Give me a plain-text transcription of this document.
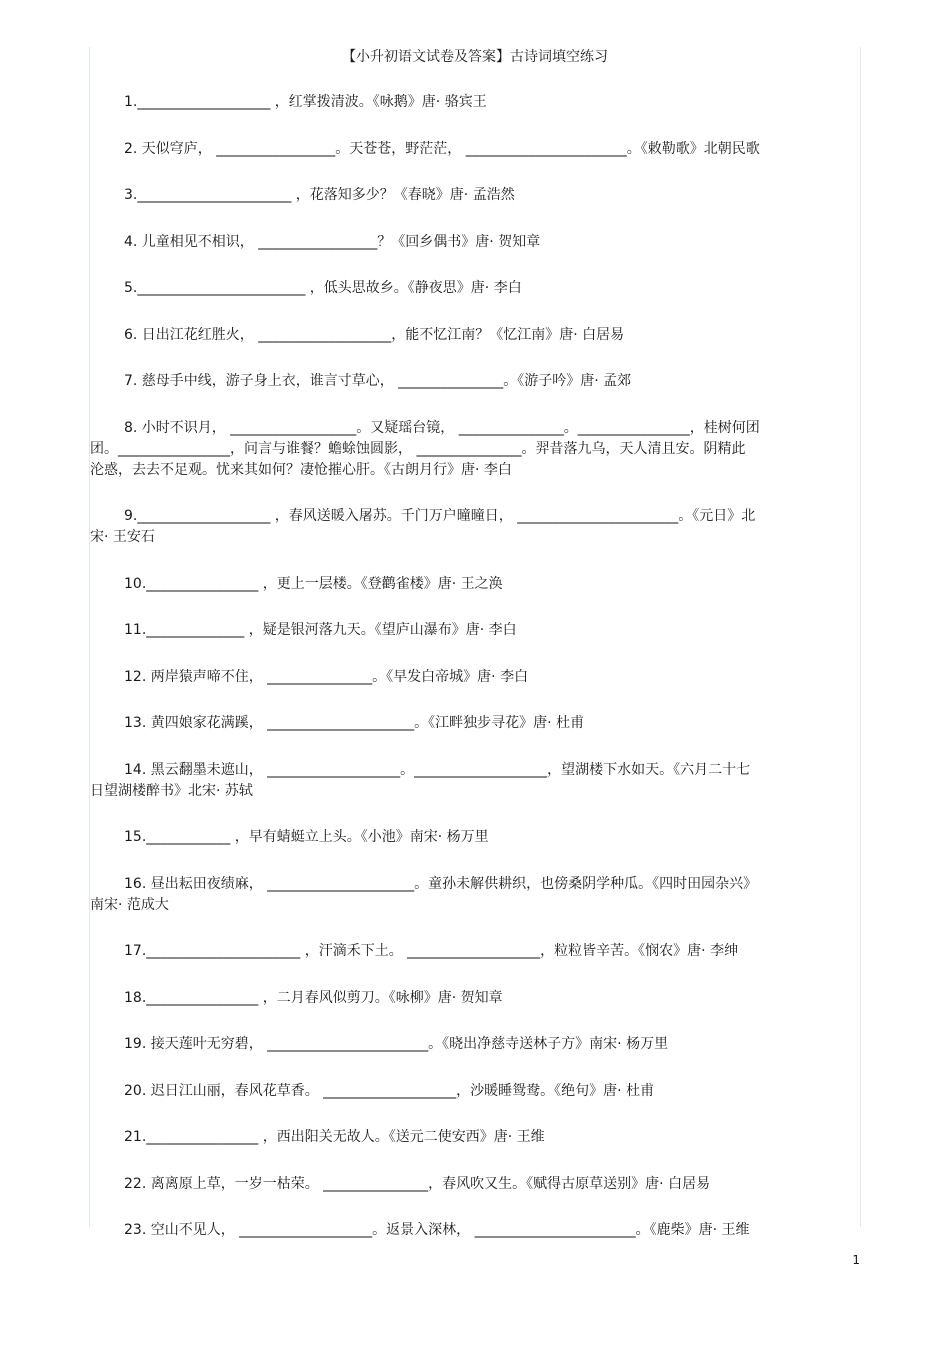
【小升初语文试卷及答案】古诗词填空练习

1.___________________ ，红掌拨清波。《咏鹅》唐· 骆宾王

2. 天似穹庐， _________________。天苍苍，野茫茫， _______________________。《敕勒歌》北朝民歌

3.______________________ ，花落知多少？《春晓》唐· 孟浩然

4. 儿童相见不相识， _________________？《回乡偶书》唐· 贺知章

5.________________________ ，低头思故乡。《静夜思》唐· 李白

6. 日出江花红胜火， ___________________，能不忆江南？《忆江南》唐· 白居易

7. 慈母手中线，游子身上衣，谁言寸草心， _______________。《游子吟》唐· 孟郊

8. 小时不识月， __________________。又疑瑶台镜， _______________。________________，桂树何团

团。________________，问言与谁餐？蟾蜍蚀圆影， _______________。羿昔落九乌，天人清且安。阴精此

沦惑，去去不足观。忧来其如何？凄怆摧心肝。《古朗月行》唐· 李白

9.___________________ ，春风送暖入屠苏。千门万户曈曈日， _______________________。《元日》北

宋· 王安石

10.________________ ，更上一层楼。《登鹳雀楼》唐· 王之涣

11.______________ ，疑是银河落九天。《望庐山瀑布》唐· 李白

12. 两岸猿声啼不住， _______________。《早发白帝城》唐· 李白

13. 黄四娘家花满蹊， _____________________。《江畔独步寻花》唐· 杜甫

14. 黑云翻墨未遮山， ___________________。___________________，望湖楼下水如天。《六月二十七

日望湖楼醉书》北宋· 苏轼

15.____________ ，早有蜻蜓立上头。《小池》南宋· 杨万里

16. 昼出耘田夜绩麻， _____________________。童孙未解供耕织，也傍桑阴学种瓜。《四时田园杂兴》

南宋· 范成大

17.______________________ ，汗滴禾下土。 ___________________，粒粒皆辛苦。《悯农》唐· 李绅

18.________________ ，二月春风似剪刀。《咏柳》唐· 贺知章

19. 接天莲叶无穷碧， _______________________。《晓出净慈寺送林子方》南宋· 杨万里

20. 迟日江山丽，春风花草香。 ___________________，沙暖睡鸳鸯。《绝句》唐· 杜甫

21.________________ ，西出阳关无故人。《送元二使安西》唐· 王维

22. 离离原上草，一岁一枯荣。 _______________，春风吹又生。《赋得古原草送别》唐· 白居易

23. 空山不见人， ___________________。返景入深林， _______________________。《鹿柴》唐· 王维

1
